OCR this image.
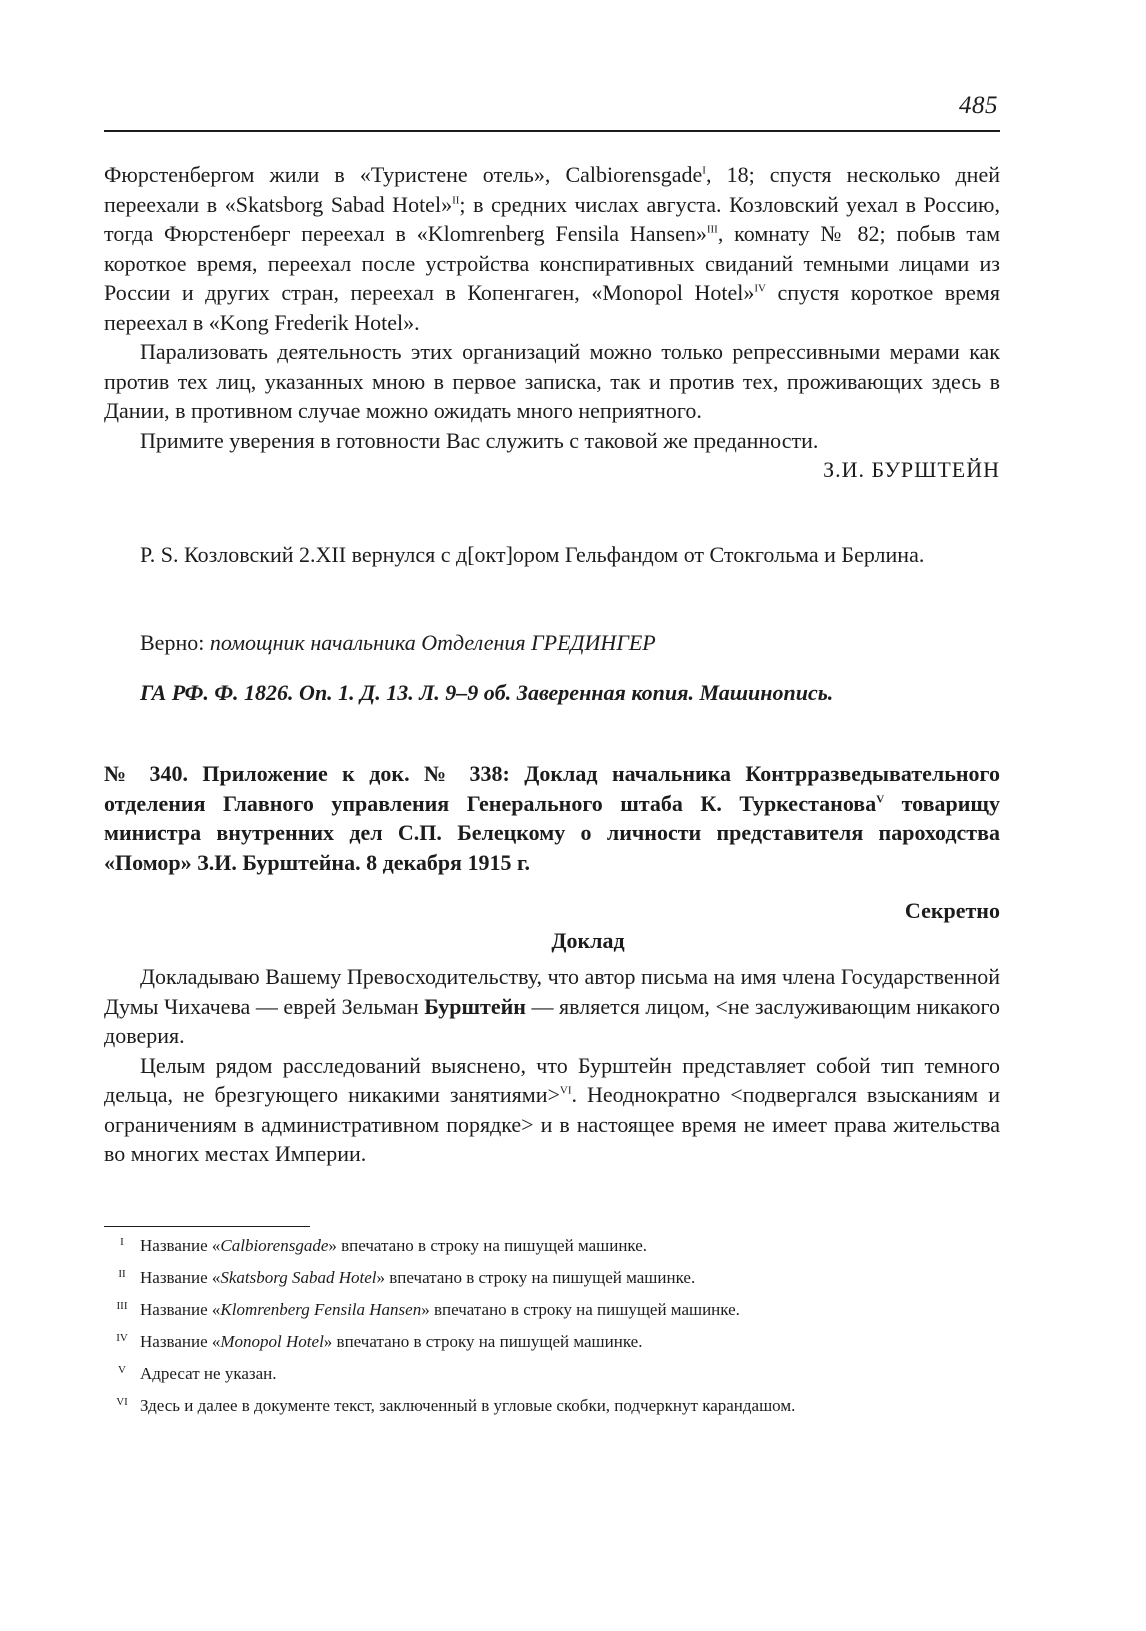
485

Фюрстенбергом жили в «Туристене отель», Calbiorensgade$^I$, 18; спустя несколько дней переехали в «Skatsborg Sabad Hotel»$^{II}$; в средних числах августа. Козловский уехал в Россию, тогда Фюрстенберг переехал в «Klomrenberg Fensila Hansen»$^{III}$, комнату № 82; побыв там короткое время, переехал после устройства конспиративных свиданий темными лицами из России и других стран, переехал в Копенгаген, «Monopol Hotel»$^{IV}$ спустя короткое время переехал в «Kong Frederik Hotel».

Парализовать деятельность этих организаций можно только репрессивными мерами как против тех лиц, указанных мною в первое записка, так и против тех, проживающих здесь в Дании, в противном случае можно ожидать много неприятного.

Примите уверения в готовности Вас служить с таковой же преданности.

З.И. БУРШТЕЙН

P. S. Козловский 2.XII вернулся с д[окт]ором Гельфандом от Стокгольма и Берлина.

Верно: помощник начальника Отделения ГРЕДИНГЕР

ГА РФ. Ф. 1826. Оп. 1. Д. 13. Л. 9–9 об. Заверенная копия. Машинопись.

№ 340. Приложение к док. № 338: Доклад начальника Контрразведывательного отделения Главного управления Генерального штаба К. Туркестанова$^V$ товарищу министра внутренних дел С.П. Белецкому о личности представителя пароходства «Помор» З.И. Бурштейна. 8 декабря 1915 г.

Секретно

Доклад

Докладываю Вашему Превосходительству, что автор письма на имя члена Государственной Думы Чихачева — еврей Зельман Бурштейн — является лицом, <не заслуживающим никакого доверия.

Целым рядом расследований выяснено, что Бурштейн представляет собой тип темного дельца, не брезгующего никакими занятиями>$^{VI}$. Неоднократно <подвергался взысканиям и ограничениям в административном порядке> и в настоящее время не имеет права жительства во многих местах Империи.

I Название «Calbiorensgade» впечатано в строку на пишущей машинке.
II Название «Skatsborg Sabad Hotel» впечатано в строку на пишущей машинке.
III Название «Klomrenberg Fensila Hansen» впечатано в строку на пишущей машинке.
IV Название «Monopol Hotel» впечатано в строку на пишущей машинке.
V Адресат не указан.
VI Здесь и далее в документе текст, заключенный в угловые скобки, подчеркнут карандашом.
